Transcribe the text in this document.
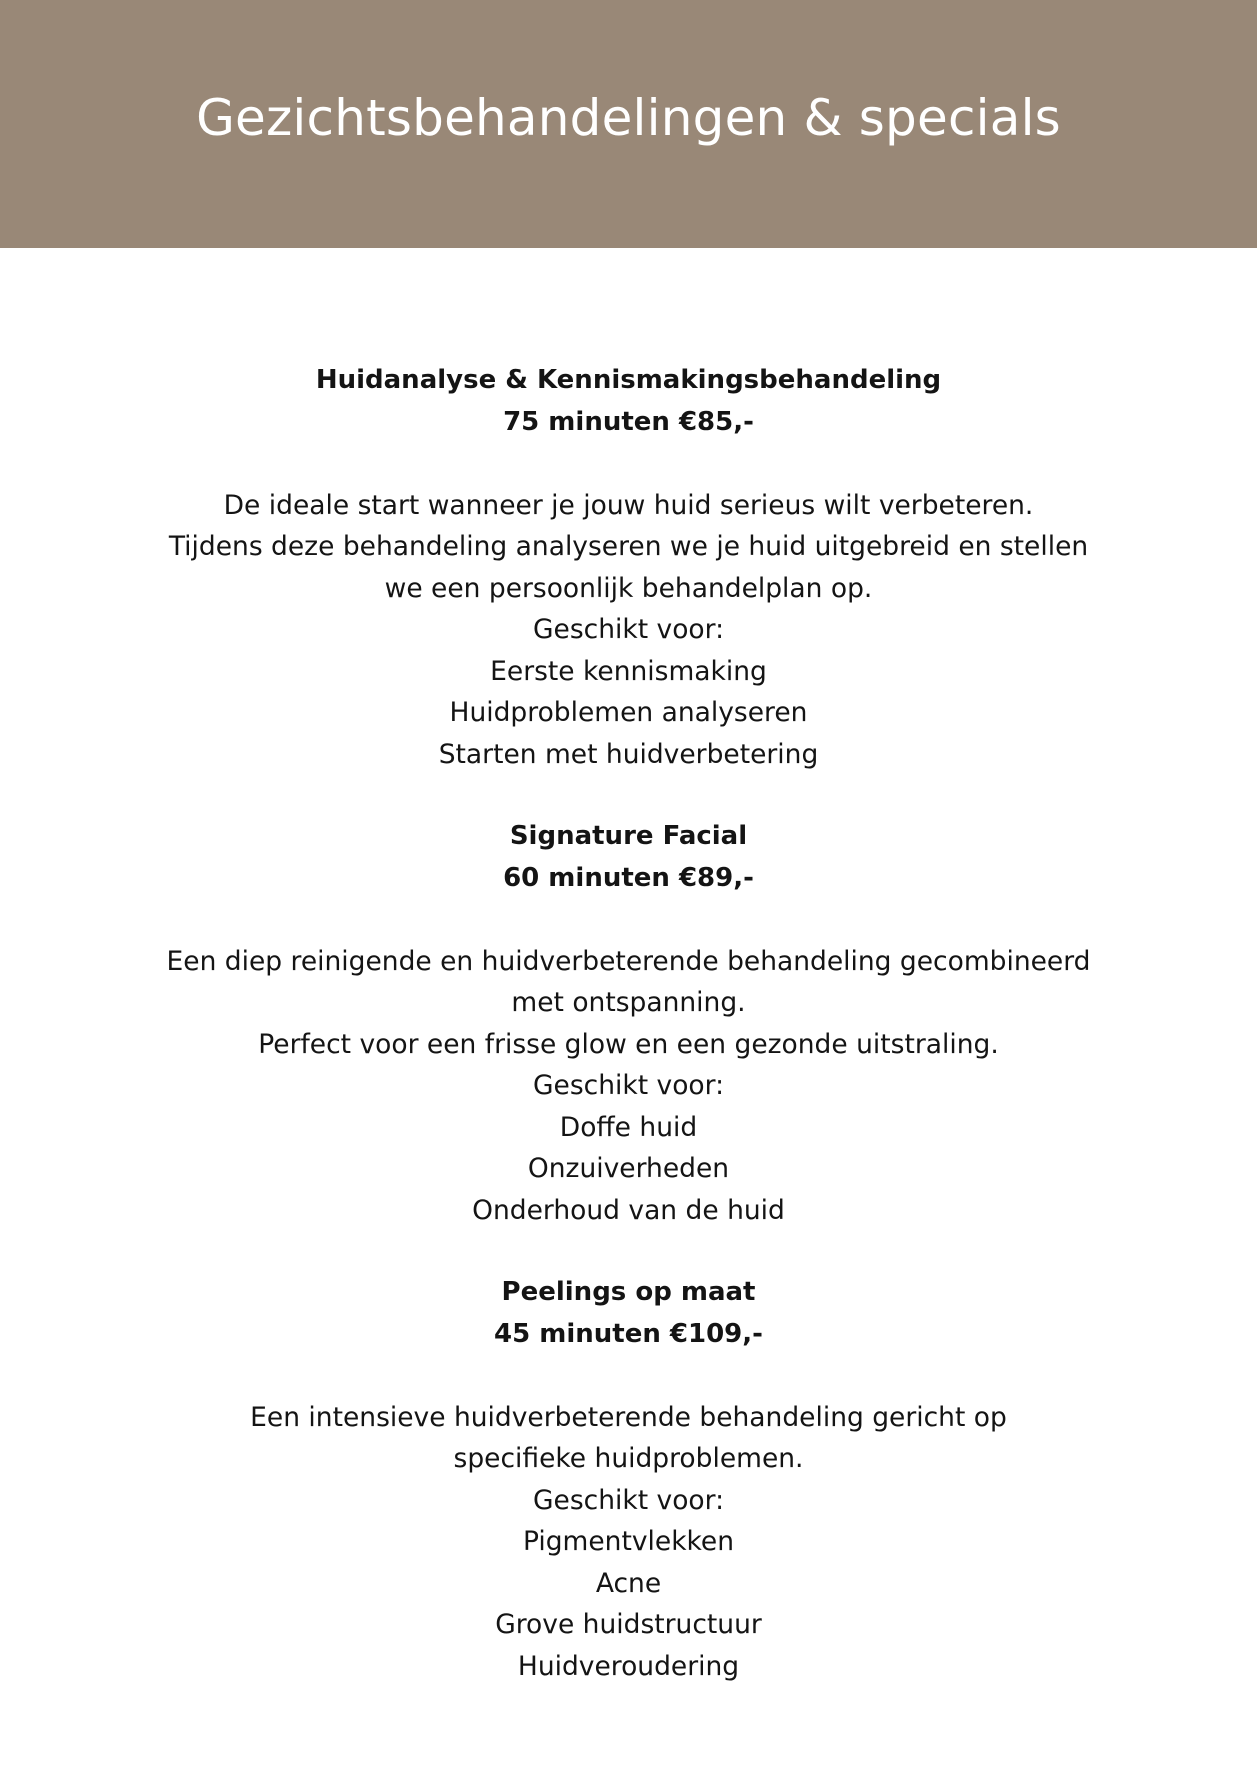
Gezichtsbehandelingen & specials
Huidanalyse & Kennismakingsbehandeling
75 minuten €85,-
De ideale start wanneer je jouw huid serieus wilt verbeteren.
Tijdens deze behandeling analyseren we je huid uitgebreid en stellen
we een persoonlijk behandelplan op.
Geschikt voor:
Eerste kennismaking
Huidproblemen analyseren
Starten met huidverbetering
Signature Facial
60 minuten €89,-
Een diep reinigende en huidverbeterende behandeling gecombineerd
met ontspanning.
Perfect voor een frisse glow en een gezonde uitstraling.
Geschikt voor:
Doffe huid
Onzuiverheden
Onderhoud van de huid
Peelings op maat
45 minuten €109,-
Een intensieve huidverbeterende behandeling gericht op
specifieke huidproblemen.
Geschikt voor:
Pigmentvlekken
Acne
Grove huidstructuur
Huidveroudering
